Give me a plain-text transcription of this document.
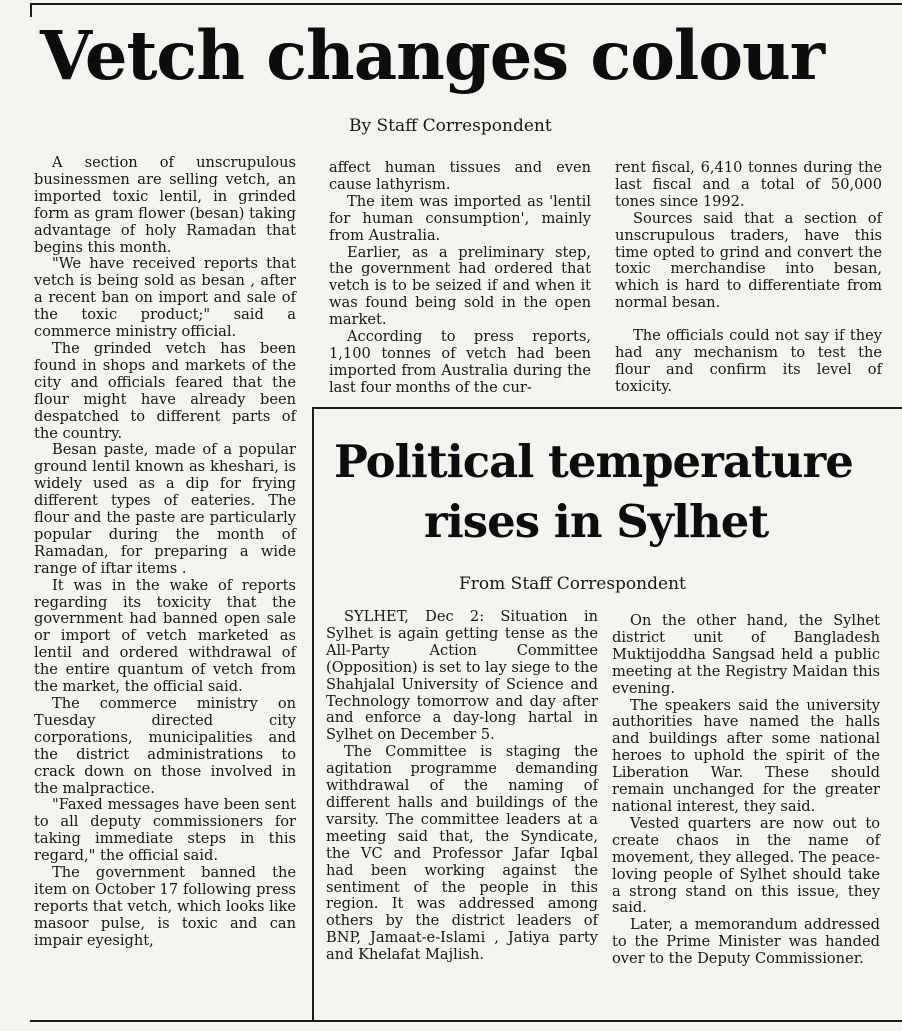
Vetch changes colour
By Staff Correspondent

A section of unscrupulous businessmen are selling vetch, an imported toxic lentil, in grinded form as gram flower (besan) taking advantage of holy Ramadan that begins this month.

"We have received reports that vetch is being sold as besan , after a recent ban on import and sale of the toxic product;" said a commerce ministry official.

The grinded vetch has been found in shops and markets of the city and officials feared that the flour might have already been despatched to different parts of the country.

Besan paste, made of a popular ground lentil known as kheshari, is widely used as a dip for frying different types of eateries. The flour and the paste are particularly popular during the month of Ramadan, for preparing a wide range of iftar items .

It was in the wake of reports regarding its toxicity that the government had banned open sale or import of vetch marketed as lentil and ordered withdrawal of the entire quantum of vetch from the market, the official said.

The commerce ministry on Tuesday directed city corporations, municipalities and the district administrations to crack down on those involved in the malpractice.

"Faxed messages have been sent to all deputy commissioners for taking immediate steps in this regard," the official said.

The government banned the item on October 17 following press reports that vetch, which looks like masoor pulse, is toxic and can impair eyesight,

affect human tissues and even cause lathyrism.

The item was imported as 'lentil for human consumption', mainly from Australia.

Earlier, as a preliminary step, the government had ordered that vetch is to be seized if and when it was found being sold in the open market.

According to press reports, 1,100 tonnes of vetch had been imported from Australia during the last four months of the cur-

rent fiscal, 6,410 tonnes during the last fiscal and a total of 50,000 tones since 1992.

Sources said that a section of unscrupulous traders, have this time opted to grind and convert the toxic merchandise into besan, which is hard to differentiate from normal besan.

The officials could not say if they had any mechanism to test the flour and confirm its level of toxicity.

Political temperature
rises in Sylhet
From Staff Correspondent

SYLHET, Dec 2: Situation in Sylhet is again getting tense as the All-Party Action Committee (Opposition) is set to lay siege to the Shahjalal University of Science and Technology tomorrow and day after and enforce a day-long hartal in Sylhet on December 5.

The Committee is staging the agitation programme demanding withdrawal of the naming of different halls and buildings of the varsity. The committee leaders at a meeting said that, the Syndicate, the VC and Professor Jafar Iqbal had been working against the sentiment of the people in this region. It was addressed among others by the district leaders of BNP, Jamaat-e-Islami , Jatiya party and Khelafat Majlish.

On the other hand, the Sylhet district unit of Bangladesh Muktijoddha Sangsad held a public meeting at the Registry Maidan this evening.

The speakers said the university authorities have named the halls and buildings after some national heroes to uphold the spirit of the Liberation War. These should remain unchanged for the greater national interest, they said.

Vested quarters are now out to create chaos in the name of movement, they alleged. The peace-loving people of Sylhet should take a strong stand on this issue, they said.

Later, a memorandum addressed to the Prime Minister was handed over to the Deputy Commissioner.
